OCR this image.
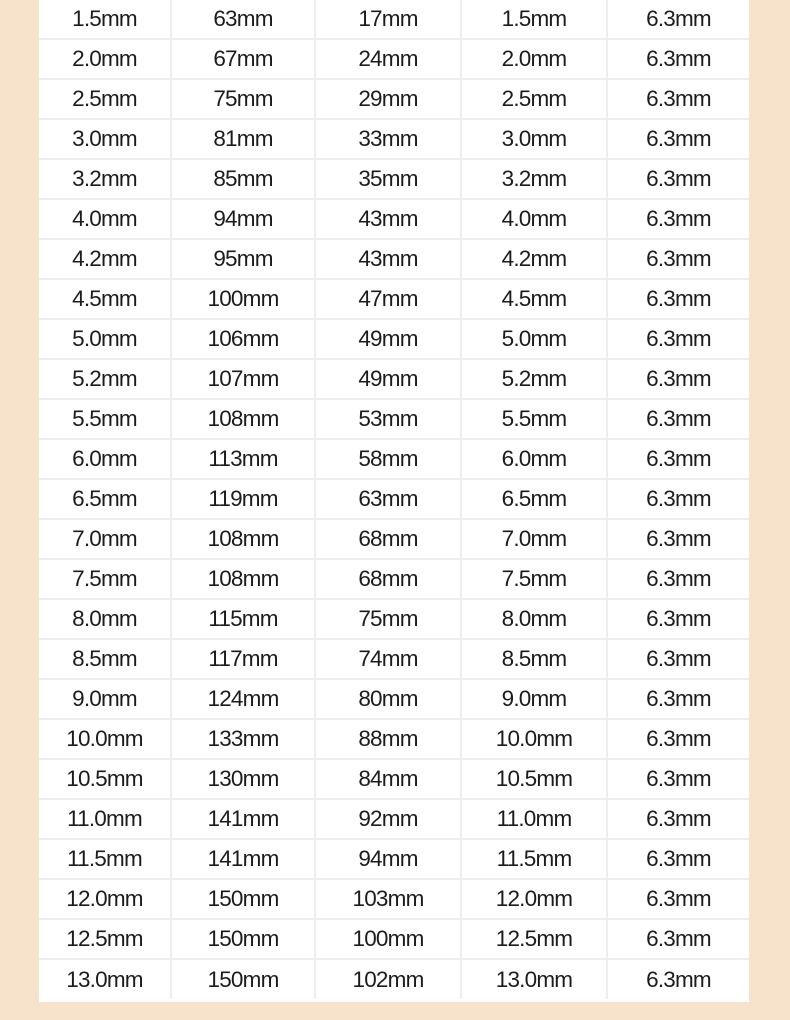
1.5mm	63mm	17mm	1.5mm	6.3mm
2.0mm	67mm	24mm	2.0mm	6.3mm
2.5mm	75mm	29mm	2.5mm	6.3mm
3.0mm	81mm	33mm	3.0mm	6.3mm
3.2mm	85mm	35mm	3.2mm	6.3mm
4.0mm	94mm	43mm	4.0mm	6.3mm
4.2mm	95mm	43mm	4.2mm	6.3mm
4.5mm	100mm	47mm	4.5mm	6.3mm
5.0mm	106mm	49mm	5.0mm	6.3mm
5.2mm	107mm	49mm	5.2mm	6.3mm
5.5mm	108mm	53mm	5.5mm	6.3mm
6.0mm	113mm	58mm	6.0mm	6.3mm
6.5mm	119mm	63mm	6.5mm	6.3mm
7.0mm	108mm	68mm	7.0mm	6.3mm
7.5mm	108mm	68mm	7.5mm	6.3mm
8.0mm	115mm	75mm	8.0mm	6.3mm
8.5mm	117mm	74mm	8.5mm	6.3mm
9.0mm	124mm	80mm	9.0mm	6.3mm
10.0mm	133mm	88mm	10.0mm	6.3mm
10.5mm	130mm	84mm	10.5mm	6.3mm
11.0mm	141mm	92mm	11.0mm	6.3mm
11.5mm	141mm	94mm	11.5mm	6.3mm
12.0mm	150mm	103mm	12.0mm	6.3mm
12.5mm	150mm	100mm	12.5mm	6.3mm
13.0mm	150mm	102mm	13.0mm	6.3mm
